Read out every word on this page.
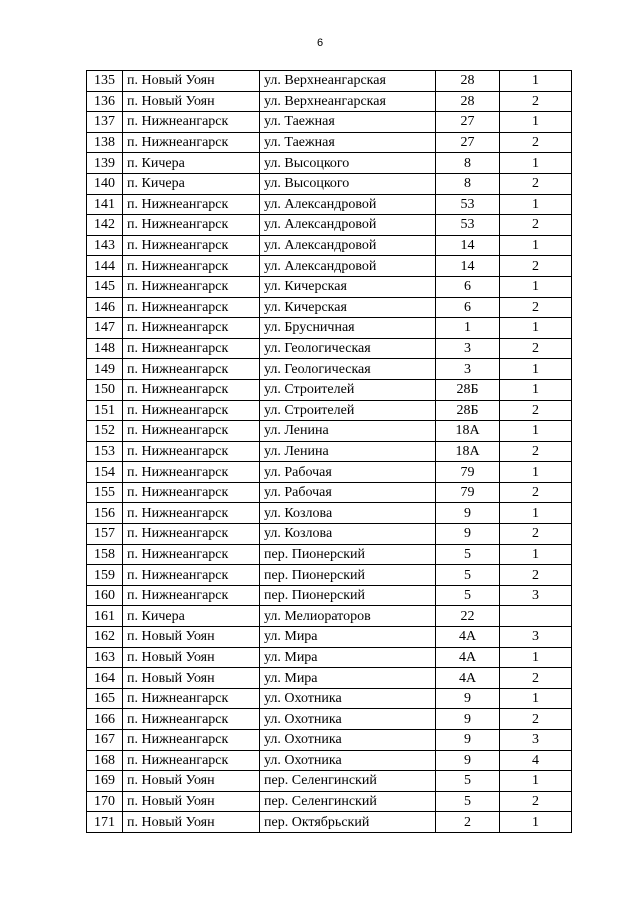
6
135	п. Новый Уоян	ул. Верхнеангарская	28	1
136	п. Новый Уоян	ул. Верхнеангарская	28	2
137	п. Нижнеангарск	ул. Таежная	27	1
138	п. Нижнеангарск	ул. Таежная	27	2
139	п. Кичера	ул. Высоцкого	8	1
140	п. Кичера	ул. Высоцкого	8	2
141	п. Нижнеангарск	ул. Александровой	53	1
142	п. Нижнеангарск	ул. Александровой	53	2
143	п. Нижнеангарск	ул. Александровой	14	1
144	п. Нижнеангарск	ул. Александровой	14	2
145	п. Нижнеангарск	ул. Кичерская	6	1
146	п. Нижнеангарск	ул. Кичерская	6	2
147	п. Нижнеангарск	ул. Брусничная	1	1
148	п. Нижнеангарск	ул. Геологическая	3	2
149	п. Нижнеангарск	ул. Геологическая	3	1
150	п. Нижнеангарск	ул. Строителей	28Б	1
151	п. Нижнеангарск	ул. Строителей	28Б	2
152	п. Нижнеангарск	ул. Ленина	18А	1
153	п. Нижнеангарск	ул. Ленина	18А	2
154	п. Нижнеангарск	ул. Рабочая	79	1
155	п. Нижнеангарск	ул. Рабочая	79	2
156	п. Нижнеангарск	ул. Козлова	9	1
157	п. Нижнеангарск	ул. Козлова	9	2
158	п. Нижнеангарск	пер. Пионерский	5	1
159	п. Нижнеангарск	пер. Пионерский	5	2
160	п. Нижнеангарск	пер. Пионерский	5	3
161	п. Кичера	ул. Мелиораторов	22	
162	п. Новый Уоян	ул. Мира	4А	3
163	п. Новый Уоян	ул. Мира	4А	1
164	п. Новый Уоян	ул. Мира	4А	2
165	п. Нижнеангарск	ул. Охотника	9	1
166	п. Нижнеангарск	ул. Охотника	9	2
167	п. Нижнеангарск	ул. Охотника	9	3
168	п. Нижнеангарск	ул. Охотника	9	4
169	п. Новый Уоян	пер. Селенгинский	5	1
170	п. Новый Уоян	пер. Селенгинский	5	2
171	п. Новый Уоян	пер. Октябрьский	2	1
